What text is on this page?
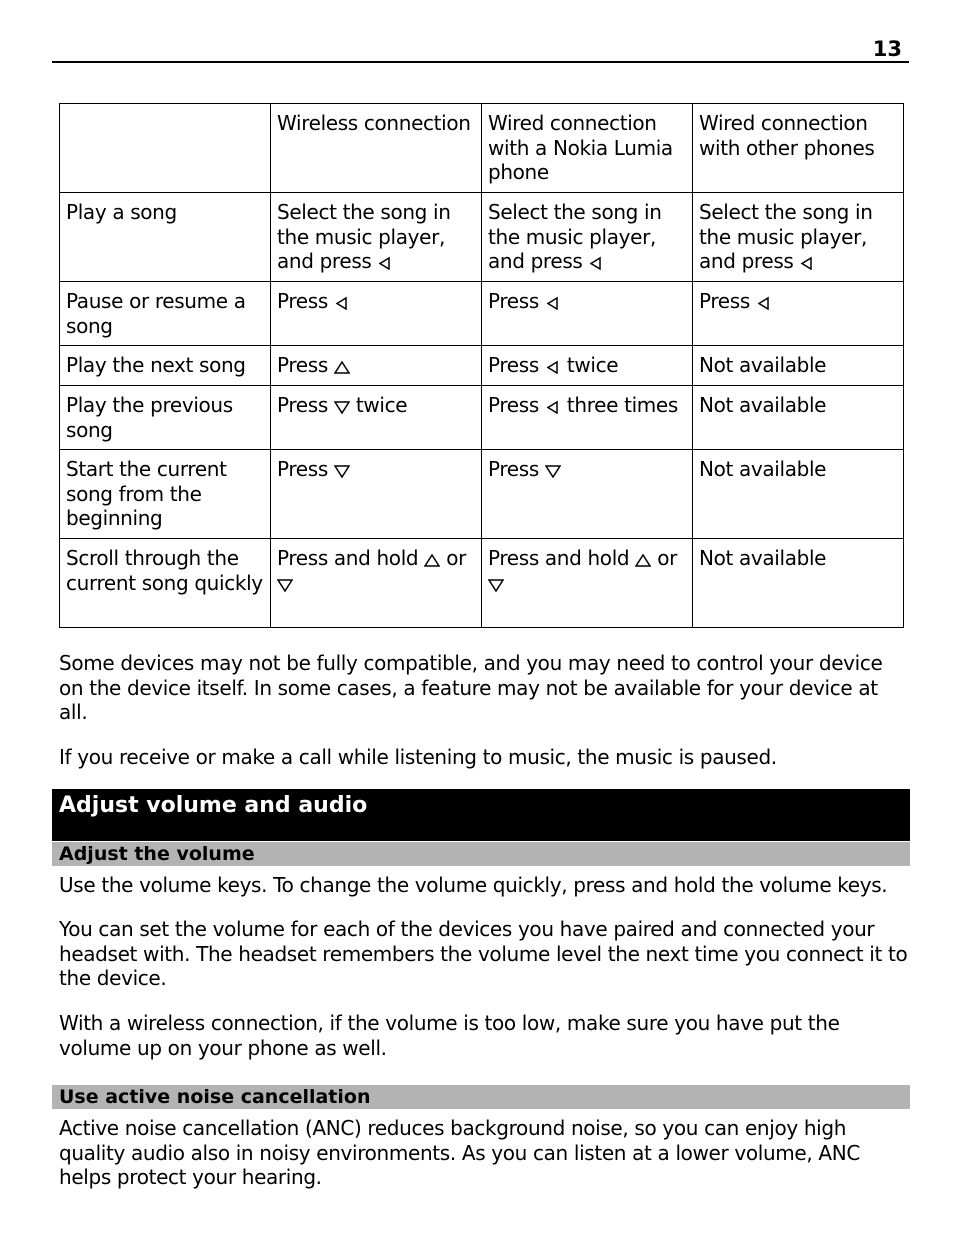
13
	Wireless connection	Wired connection with a Nokia Lumia phone	Wired connection with other phones
Play a song	Select the song in the music player, and press	Select the song in the music player, and press	Select the song in the music player, and press

Pause or resume a song	Press	Press	Press

Play the next song	Press	Press twice	Not available
Play the previous song	Press twice	Press three times	Not available
Start the current song from the beginning	Press	Press	Not available
Scroll through the current song quickly	Press and hold or	Press and hold or	Not available

Some devices may not be fully compatible, and you may need to control your device on the device itself. In some cases, a feature may not be available for your device at all.

If you receive or make a call while listening to music, the music is paused.

Adjust volume and audio
Adjust the volume

Use the volume keys. To change the volume quickly, press and hold the volume keys.

You can set the volume for each of the devices you have paired and connected your headset with. The headset remembers the volume level the next time you connect it to the device.

With a wireless connection, if the volume is too low, make sure you have put the volume up on your phone as well.

Use active noise cancellation

Active noise cancellation (ANC) reduces background noise, so you can enjoy high quality audio also in noisy environments. As you can listen at a lower volume, ANC helps protect your hearing.
